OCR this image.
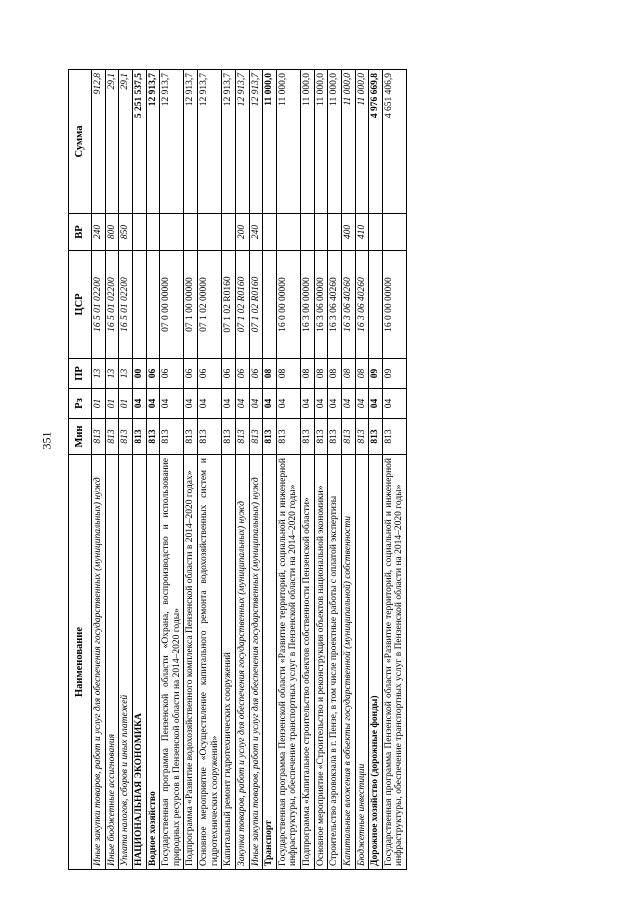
351
Наименование	Мин	Рз	ПР	ЦСР	ВР	Сумма
Иные закупки товаров, работ и услуг для обеспечения государственных (муниципальных) нужд	813	01	13	16 5 01 02200	240	912,8
Иные бюджетные ассигнования	813	01	13	16 5 01 02200	800	29,1
Уплата налогов, сборов и иных платежей	813	01	13	16 5 01 02200	850	29,1
НАЦИОНАЛЬНАЯ ЭКОНОМИКА	813	04	00			5 251 537,5
Водное хозяйство	813	04	06			12 913,7
Государственная программа Пензенской области «Охрана, воспроизводство и использование природных ресурсов в Пензенской области на 2014–2020 годы»	813	04	06	07 0 00 00000		12 913,7
Подпрограмма «Развитие водохозяйственного комплекса Пензенской области в 2014–2020 годах»	813	04	06	07 1 00 00000		12 913,7
Основное мероприятие «Осуществление капитального ремонта водохозяйственных систем и гидротехнических сооружений»	813	04	06	07 1 02 00000		12 913,7
Капитальный ремонт гидротехнических сооружений	813	04	06	07 1 02 R0160		12 913,7
Закупка товаров, работ и услуг для обеспечения государственных (муниципальных) нужд	813	04	06	07 1 02 R0160	200	12 913,7
Иные закупки товаров, работ и услуг для обеспечения государственных (муниципальных) нужд	813	04	06	07 1 02 R0160	240	12 913,7
Транспорт	813	04	08			11 000,0
Государственная программа Пензенской области «Развитие территорий, социальной и инженерной инфраструктуры, обеспечение транспортных услуг в Пензенской области на 2014–2020 годы»	813	04	08	16 0 00 00000		11 000,0
Подпрограмма «Капитальное строительство объектов собственности Пензенской области»	813	04	08	16 3 00 00000		11 000,0
Основное мероприятие «Строительство и реконструкция объектов национальной экономики»	813	04	08	16 3 06 00000		11 000,0
Строительство аэровокзала в г. Пензе, в том числе проектные работы с оплатой экспертизы	813	04	08	16 3 06 40260		11 000,0
Капитальные вложения в объекты государственной (муниципальной) собственности	813	04	08	16 3 06 40260	400	11 000,0
Бюджетные инвестиции	813	04	08	16 3 06 40260	410	11 000,0
Дорожное хозяйство (дорожные фонды)	813	04	09			4 976 669,8
Государственная программа Пензенской области «Развитие территорий, социальной и инженерной инфраструктуры, обеспечение транспортных услуг в Пензенской области на 2014–2020 годы»	813	04	09	16 0 00 00000		4 651 406,9
